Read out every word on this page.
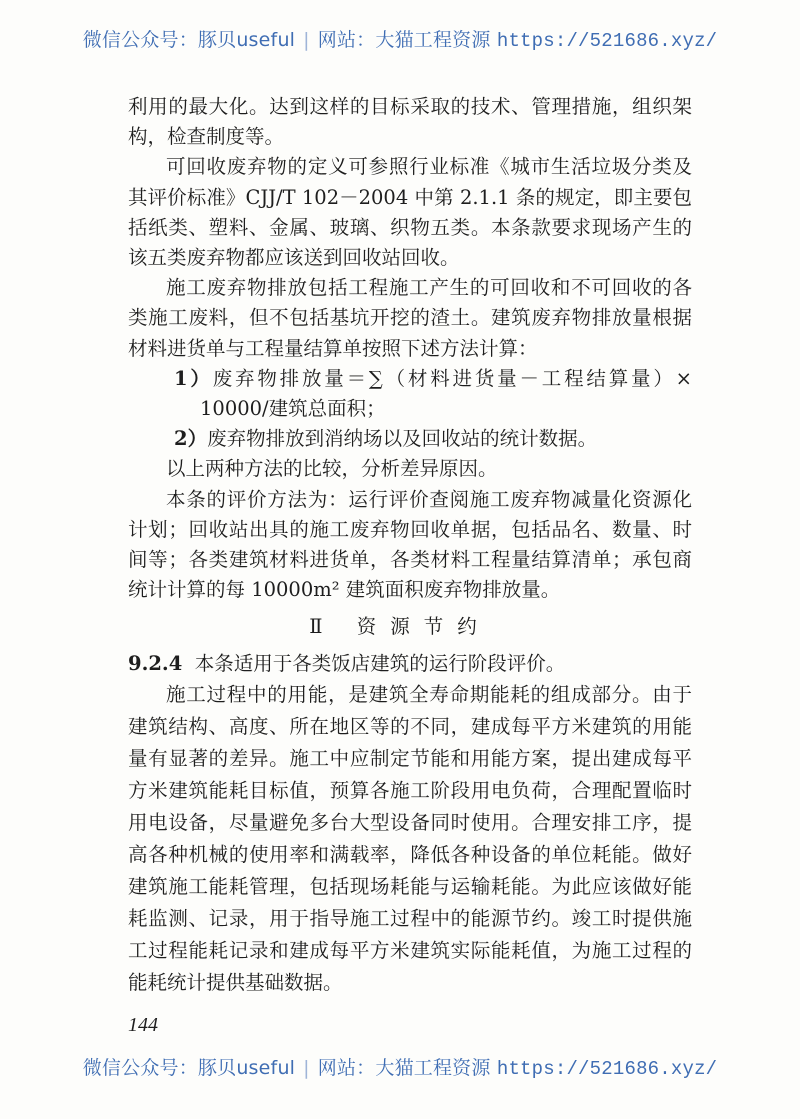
微信公众号：豚贝useful | 网站：大猫工程资源 https://521686.xyz/
利用的最大化。达到这样的目标采取的技术、管理措施，组织架
构，检查制度等。
可回收废弃物的定义可参照行业标准《城市生活垃圾分类及
其评价标准》CJJ/T 102－2004 中第 2.1.1 条的规定，即主要包
括纸类、塑料、金属、玻璃、织物五类。本条款要求现场产生的
该五类废弃物都应该送到回收站回收。
施工废弃物排放包括工程施工产生的可回收和不可回收的各
类施工废料，但不包括基坑开挖的渣土。建筑废弃物排放量根据
材料进货单与工程量结算单按照下述方法计算：
1）废弃物排放量＝∑（材料进货量－工程结算量）×
10000/建筑总面积；
2）废弃物排放到消纳场以及回收站的统计数据。
以上两种方法的比较，分析差异原因。
本条的评价方法为：运行评价查阅施工废弃物减量化资源化
计划；回收站出具的施工废弃物回收单据，包括品名、数量、时
间等；各类建筑材料进货单，各类材料工程量结算清单；承包商
统计计算的每 10000m² 建筑面积废弃物排放量。
Ⅱ 资源节约
9.2.4 本条适用于各类饭店建筑的运行阶段评价。
施工过程中的用能，是建筑全寿命期能耗的组成部分。由于
建筑结构、高度、所在地区等的不同，建成每平方米建筑的用能
量有显著的差异。施工中应制定节能和用能方案，提出建成每平
方米建筑能耗目标值，预算各施工阶段用电负荷，合理配置临时
用电设备，尽量避免多台大型设备同时使用。合理安排工序，提
高各种机械的使用率和满载率，降低各种设备的单位耗能。做好
建筑施工能耗管理，包括现场耗能与运输耗能。为此应该做好能
耗监测、记录，用于指导施工过程中的能源节约。竣工时提供施
工过程能耗记录和建成每平方米建筑实际能耗值，为施工过程的
能耗统计提供基础数据。
144
微信公众号：豚贝useful | 网站：大猫工程资源 https://521686.xyz/
